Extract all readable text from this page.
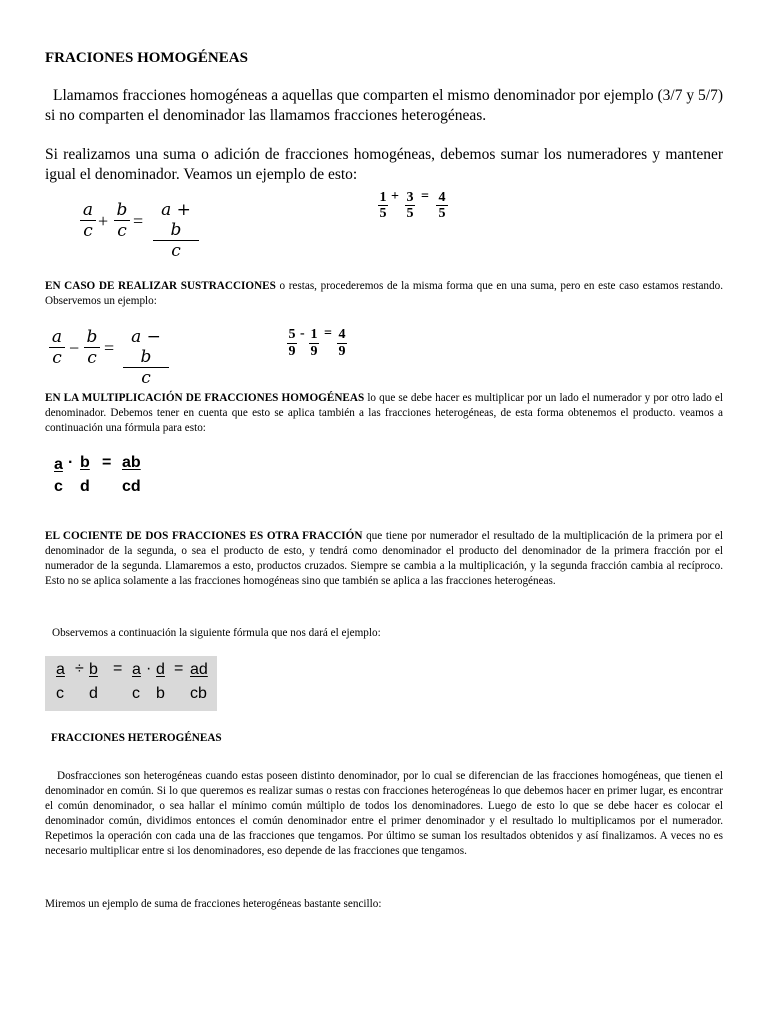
FRACIONES HOMOGÉNEAS
Llamamos fracciones homogéneas a aquellas que comparten el mismo denominador por ejemplo (3/7 y 5/7) si no comparten el denominador las llamamos fracciones heterogéneas.
Si realizamos una suma o adición de fracciones homogéneas, debemos sumar los numeradores y mantener igual el denominador. Veamos un ejemplo de esto:
a
c +
b
c =
a + b
c
1
5
+ 3
5
= 4
5
EN CASO DE REALIZAR SUSTRACCIONES o restas, procederemos de la misma forma que en una suma, pero en este caso estamos restando. Observemos un ejemplo:
a
c −
b
c =
a − b
c
5
9
- 1
9
= 4
9
EN LA MULTIPLICACIÓN DE FRACCIONES HOMOGÉNEAS lo que se debe hacer es multiplicar por un lado el numerador y por otro lado el denominador. Debemos tener en cuenta que esto se aplica también a las fracciones heterogéneas, de esta forma obtenemos el producto. veamos a continuación una fórmula para esto:
a
c
· b
d
= ab
cd
EL COCIENTE DE DOS FRACCIONES ES OTRA FRACCIÓN que tiene por numerador el resultado de la multiplicación de la primera por el denominador de la segunda, o sea el producto de esto, y tendrá como denominador el producto del denominador de la primera fracción por el numerador de la segunda. Llamaremos a esto, productos cruzados. Siempre se cambia a la multiplicación, y la segunda fracción cambia al recíproco. Esto no se aplica solamente a las fracciones homogéneas sino que también se aplica a las fracciones heterogéneas.
Observemos a continuación la siguiente fórmula que nos dará el ejemplo:
a
c
÷ b
d
= a
c
· d
b
= ad
cb
FRACCIONES HETEROGÉNEAS
Dosfracciones son heterogéneas cuando estas poseen distinto denominador, por lo cual se diferencian de las fracciones homogéneas, que tienen el denominador en común. Si lo que queremos es realizar sumas o restas con fracciones heterogéneas lo que debemos hacer en primer lugar, es encontrar el común denominador, o sea hallar el mínimo común múltiplo de todos los denominadores. Luego de esto lo que se debe hacer es colocar el denominador común, dividimos entonces el común denominador entre el primer denominador y el resultado lo multiplicamos por el numerador. Repetimos la operación con cada una de las fracciones que tengamos. Por último se suman los resultados obtenidos y así finalizamos. A veces no es necesario multiplicar entre si los denominadores, eso depende de las fracciones que tengamos.
Miremos un ejemplo de suma de fracciones heterogéneas bastante sencillo:
